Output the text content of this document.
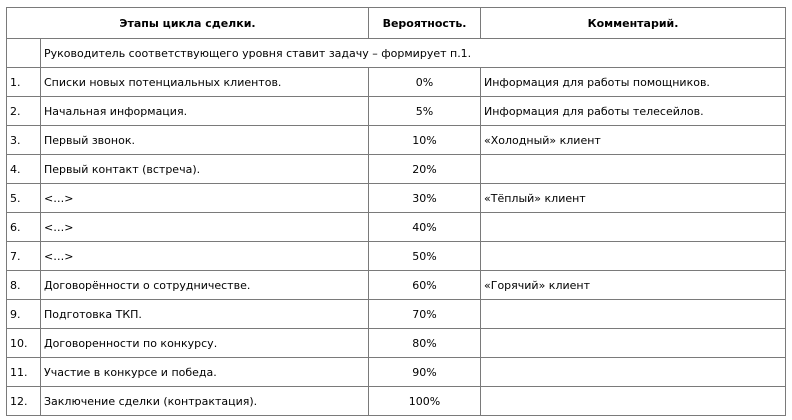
Этапы цикла сделки.		Вероятность.	Комментарий.
	Руководитель соответствующего уровня ставит задачу – формирует п.1.		
1.	Списки новых потенциальных клиентов.	0%	Информация для работы помощников.
2.	Начальная информация.	5%	Информация для работы телесейлов.
3.	Первый звонок.	10%	«Холодный» клиент
4.	Первый контакт (встреча).	20%	
5.	<…>	30%	«Тёплый» клиент
6.	<…>	40%	
7.	<…>	50%	
8.	Договорённости о сотрудничестве.	60%	«Горячий» клиент
9.	Подготовка ТКП.	70%	
10.	Договоренности по конкурсу.	80%	
11.	Участие в конкурсе и победа.	90%	
12.	Заключение сделки (контрактация).	100%	
